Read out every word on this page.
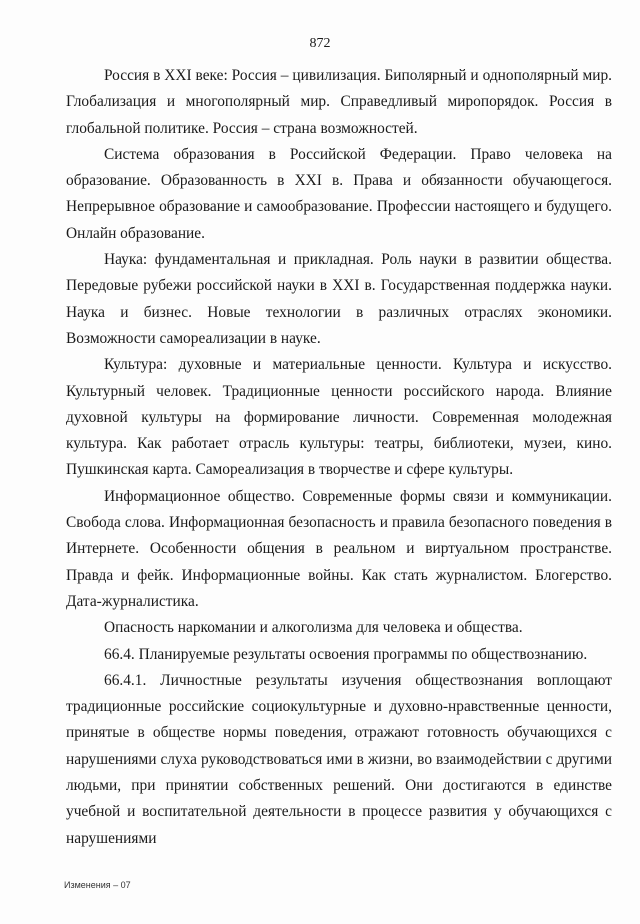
872

Россия в XXI веке: Россия – цивилизация. Биполярный и однополярный мир. Глобализация и многополярный мир. Справедливый миропорядок. Россия в глобальной политике. Россия – страна возможностей.

Система образования в Российской Федерации. Право человека на образование. Образованность в XXI в. Права и обязанности обучающегося. Непрерывное образование и самообразование. Профессии настоящего и будущего. Онлайн образование.

Наука: фундаментальная и прикладная. Роль науки в развитии общества. Передовые рубежи российской науки в XXI в. Государственная поддержка науки. Наука и бизнес. Новые технологии в различных отраслях экономики. Возможности самореализации в науке.

Культура: духовные и материальные ценности. Культура и искусство. Культурный человек. Традиционные ценности российского народа. Влияние духовной культуры на формирование личности. Современная молодежная культура. Как работает отрасль культуры: театры, библиотеки, музеи, кино. Пушкинская карта. Самореализация в творчестве и сфере культуры.

Информационное общество. Современные формы связи и коммуникации. Свобода слова. Информационная безопасность и правила безопасного поведения в Интернете. Особенности общения в реальном и виртуальном пространстве. Правда и фейк. Информационные войны. Как стать журналистом. Блогерство. Дата-журналистика.

Опасность наркомании и алкоголизма для человека и общества.

66.4. Планируемые результаты освоения программы по обществознанию.

66.4.1. Личностные результаты изучения обществознания воплощают традиционные российские социокультурные и духовно-нравственные ценности, принятые в обществе нормы поведения, отражают готовность обучающихся с нарушениями слуха руководствоваться ими в жизни, во взаимодействии с другими людьми, при принятии собственных решений. Они достигаются в единстве учебной и воспитательной деятельности в процессе развития у обучающихся с нарушениями

Изменения – 07
